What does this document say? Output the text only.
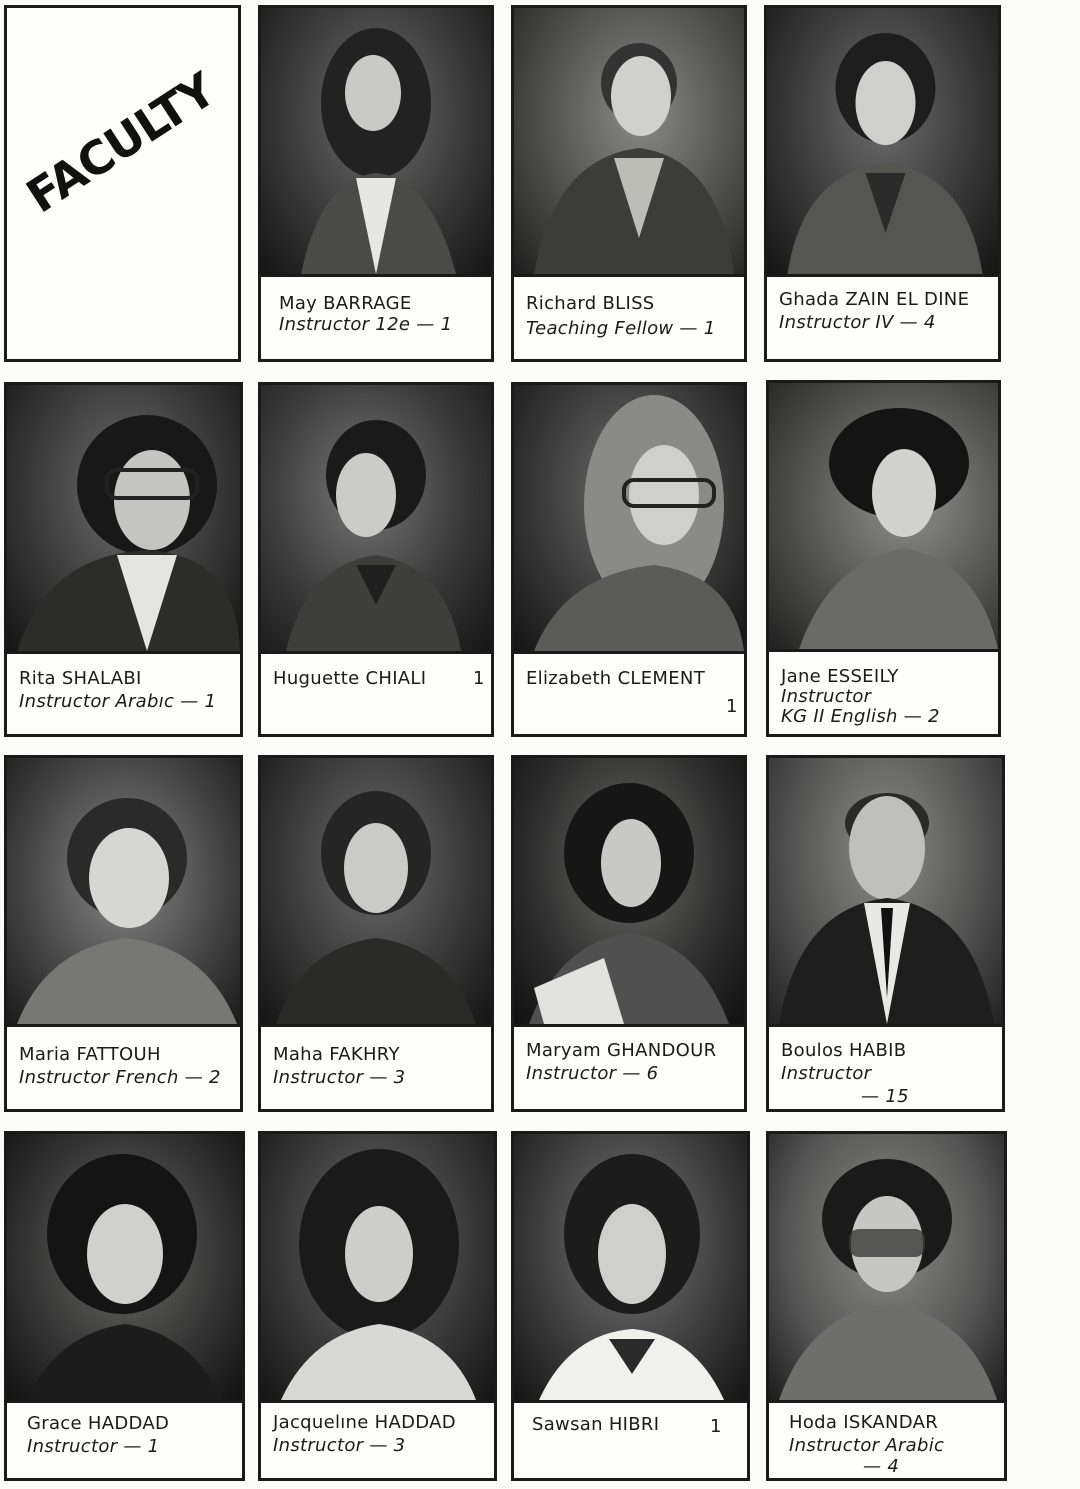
FACULTY
May BARRAGE
Instructor 12e — 1
Richard BLISS
Teaching Fellow — 1
Ghada ZAIN EL DINE
Instructor IV — 4
Rita SHALABI
Instructor Arabıc — 1
Huguette CHIALI	1 Elizabeth CLEMENT
1
Jane ESSEILY
Instructor
KG II English — 2
Maria FATTOUH
Instructor French — 2
Maha FAKHRY
Instructor — 3
Maryam GHANDOUR
Instructor — 6
Boulos HABIB
Instructor
— 15
Grace HADDAD
Instructor — 1
Jacquelıne HADDAD
Instructor — 3
Sawsan HIBRI	1	Hoda ISKANDAR
Instructor Arabic
— 4
